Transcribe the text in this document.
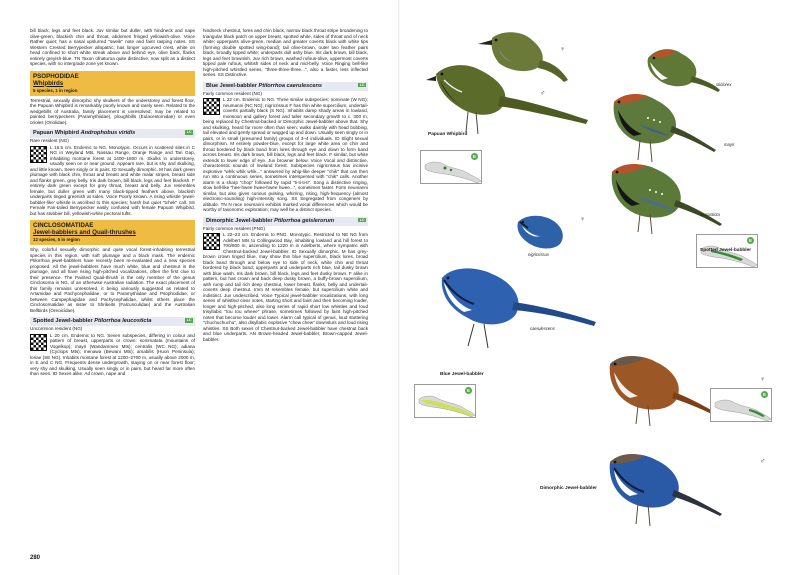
bill black, legs and feet black. Juv similar but duller, with hindneck and nape olive-green, blackish chin and throat, abdomen fringed yellowish-olive. Voice Rather quiet; has a nasal upslurred "sweik" note and faint rasping notes. SS Western Crested Berrypecker allopatric; has longer upcurved crest, white on head confined to short white streak above and behind eye, olive back, flanks entirely greyish-blue. TN Taxon ofnaturoa quite distinctive, now split as a distinct species, with no intergrade zone yet known.

PSOPHODIDAE
Whipbirds
5 species, 1 in region

Terrestrial, sexually dimorphic shy skulkers of the understorey and forest floor, the Papuan Whipbird is remarkably poorly known and rarely seen. Related to the wedgebills of Australia, family placement is unresolved; may be related to painted berrypeckers (Paramythiidae), ploughbills (Eulacestomidae) or even orioles (Oriolidae).

Papuan Whipbird Androphobus viridis	LC
Rare resident (NG)

L 16.5 cm. Endemic to NG. Monotypic. Occurs in scattered sites in C NG in Weyland Mts, Nassau Range, Oranje Range and Tari Gap, inhabiting montane forest at 1400–1800 m. Skulks in understorey, usually seen on or near ground. Appears rare, but is shy and skulking, and little known. Seen singly or in pairs. ID Sexually dimorphic. M has dark green plumage with black chin, throat and breast and white malar stripes, breast side and flanks green, grey belly. Iris dark brown, bill black, legs and feet blackish. F entirely dark green except for grey throat, breast and belly. Juv resembles female, but duller green with many black-tipped feathers above, blackish underparts tinged greenish at sides. Voice Poorly known. A rising whistle 'jewel-babbler-like' whistle is ascribed to this species; harsh but quiet "tchek" call. SS Female Fan-tailed Berrypecker easily confused with female Papuan Whipbird, but has stubbier bill, yellowish-white pectoral tufts.

CINCLOSOMATIDAE
Jewel-babblers and Quail-thrushes
12 species, 5 in region

Shy, colorful sexually dimorphic and quite vocal forest-inhabiting terrestrial species in this region, with soft plumage and a black mask. The endemic Ptilorrhoa jewel-babblers have recently been re-evaluated and a new species proposed. All the jewel-babblers have much white, blue and chestnut in the plumage, and all have rising high-pitched vocalizations, often the first clue to their presence. The Painted Quail-thrush is the only member of the genus Cinclosoma in NG, of an otherwise Australian radiation. The exact placement of this family remains unresolved, it being variously suggested as related to Artamidae and Pachycephalidae, or to Paramythiidae and Psophodidae, or between Campephagidae and Pachycephalidae, whilst others place the Cinclosomatidae as sister to Shrikeits (Falcunculidae) and the Australian Bellbirds (Oreoicidae).

Spotted Jewel-babbler Ptilorrhoa leucosticta	LC
Uncommon resident (NG)

L 20 cm. Endemic to NG. Seven subspecies, differing in colour and pattern of breast, upperparts or crown: sommatata (mountains of Vogelkop); mayri (Wandammen Mts); centralis (WC NG); adiana (Cyclops Mts); menawa (Bewani Mts); amabilis (Huon Peninsula); loriae (SE NG). Inhabits montane forest at 1200–2700 m, usually above 2000 m, in E and C NG. Frequents dense undergrowth, staying on or near forest floor; very shy and skulking. Usually seen singly or in pairs, but heard far more often than seen. ID Sexes alike. Ad crown, nape and

hindneck chestnut, lores and chin black, narrow black throat stripe broadening to triangular black patch on upper breast, spotted white, sides of throat and of neck white; upperparts olive-green, median and greater coverts black with white tips (forming double spotted wing-band); tail olive-brown, outer two feather pairs black, broadly tipped white; underparts dull ashy blue. Iris dark brown, bill black, legs and feet brownish. Juv rich brown, washed rufous-olive, uppermost coverts tipped pale rufous, whitish sides of neck and mid-belly. Voice Ringing bell-like high-pitched whistled series, "three-three-three...", also a faster, less inflected series. SS Distinctive.

Blue Jewel-babbler Ptilorrhoa caerulescens	LC
Fairly common resident (NG)

L 22 cm. Endemic to NG. Three similar subspecies: nominate (W NG); neumanni (NC NG); nigricrissus F has thin white supercilium, undertail-coverts partially black (S NG). Inhabits damp shady areas in lowland, monsoon and gallery forest and taller secondary growth to c. 300 m, being replaced by Chestnut-backed or Dimorphic Jewel-babbler above that. Shy and skulking, heard far more often than seen; walks daintily with head bobbing, tail elevated and gently spread or wagged up and down. Usually seen singly or in pairs, or in small (presumed family) groups of 3–4 individuals. ID Slight sexual dimorphism. M entirely powder-blue, except for large white area on chin and throat bordered by black band from lores through eye and down to form band across breast. Iris dark brown, bill black, legs and feet black. F similar, but white extends to lower edge of eye. Juv browner below. Voice Vocal and distinctive, characteristic sounds of lowland forest. Subspecies nigricrissus has incisive explosive "whik whik whik..." answered by whip-like deeper "chik" that can then run into a continuous series, sometimes interspersed with "chik" calls. Another alarm is a sharp "chop" followed by rapid "ti-ti-ti-ti". Song a distinctive ringing, slow bell-like "hee-hwee hwee-hwee hwee...", sometimes faster. Form neumanni similar, but also gives curious pulsing, whirring, rising, high-frequency (almost electronic-sounding) high-intensity song. SS Segregated from congeners by altitude. TN N race neumanni exhibits marked vocal differences which would be worthy of taxonomic exploration; may well be a distinct species.

Dimorphic Jewel-babbler Ptilorrhoa geislerorum	LC
Fairly common resident (PNG)

L 22–23 cm. Endemic to PNG. Monotypic. Restricted to NE NG from Adelbert Mts to Collingwood Bay, inhabiting lowland and hill forest to 700/800 m, ascending to 1220 m in Adelberts, where sympatric with Chestnut-backed Jewel-babbler. ID Sexually dimorphic. M has grey-brown crown tinged blue, may show thin blue supercilium, black lores, broad black band through and below eye to side of neck, white chin and throat bordered by black band; upperparts and underparts rich blue, tail dusky brown with blue wash. Iris dark brown, bill black, legs and feet dusky brown. F alike in pattern, but has crown and back deep dusky brown, a buffy-brown supercilium, with rump and tail rich deep chestnut, lower breast, flanks, belly and undertail-coverts deep chestnut. Imm M resembles female, but supercilium white and indistinct. Juv undescribed. Voice Typical jewel-babbler vocalizations, with long series of whistled clear notes, starting short and faint and then becoming louder, longer and high-pitched, also long series of rapid short low whistles and loud trisyllabic "tou tou wheee" phrase, sometimes followed by faint high-pitched notes that become louder and lower. Alarm call typical of genus, loud stuttering "chuchuchuchu", also disyllabic explosive "chew chew" downslurs and loud rising whistles. SS Both sexes of Chestnut-backed Jewel-babbler have chestnut back and blue underparts. AN Brown-headed Jewel-babbler, Brown-capped Jewel-babbler.

280
E
E
E
E
sticlorex
mayri
leucosticta
nigricrissus
caerulescens
♀
♂
♀
♀
♂
Papuan Whipbird
Spotted Jewel-babbler
Blue Jewel-babbler
Dimorphic Jewel-babbler
